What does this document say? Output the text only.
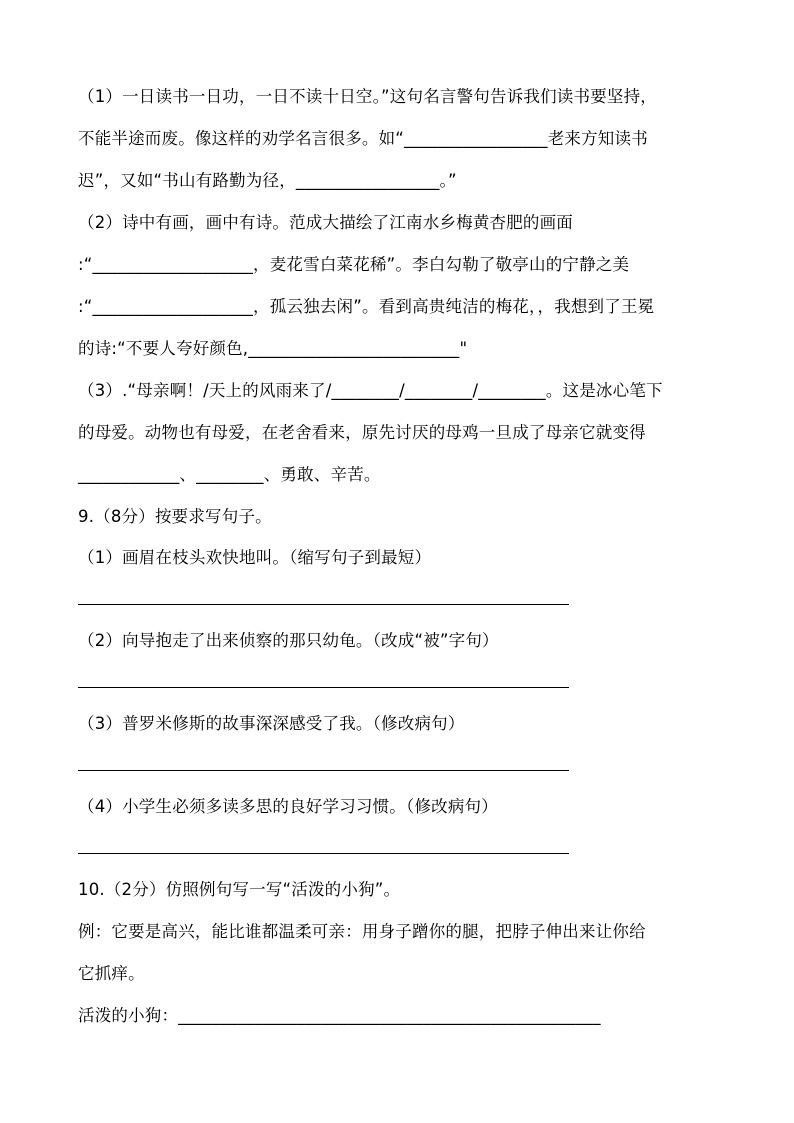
（1）一日读书一日功，一日不读十日空。”这句名言警句告诉我们读书要坚持，
不能半途而废。像这样的劝学名言很多。如“_________________老来方知读书
迟”，又如“书山有路勤为径，_________________。”
（2）诗中有画，画中有诗。范成大描绘了江南水乡梅黄杏肥的画面
:“___________________，麦花雪白菜花稀”。李白勾勒了敬亭山的宁静之美
:“___________________，孤云独去闲”。看到高贵纯洁的梅花，，我想到了王冕
的诗:“不要人夸好颜色,_________________________"
（3）.“母亲啊！/天上的风雨来了/________/________/________。这是冰心笔下
的母爱。动物也有母爱，在老舍看来，原先讨厌的母鸡一旦成了母亲它就变得
____________、________、勇敢、辛苦。
9.（8分）按要求写句子。
（1）画眉在枝头欢快地叫。（缩写句子到最短）
（2）向导抱走了出来侦察的那只幼龟。（改成“被”字句）
（3）普罗米修斯的故事深深感受了我。（修改病句）
（4）小学生必须多读多思的良好学习习惯。（修改病句）
10.（2分）仿照例句写一写“活泼的小狗”。
例：它要是高兴，能比谁都温柔可亲：用身子蹭你的腿，把脖子伸出来让你给
它抓痒。
活泼的小狗：__________________________________________________
